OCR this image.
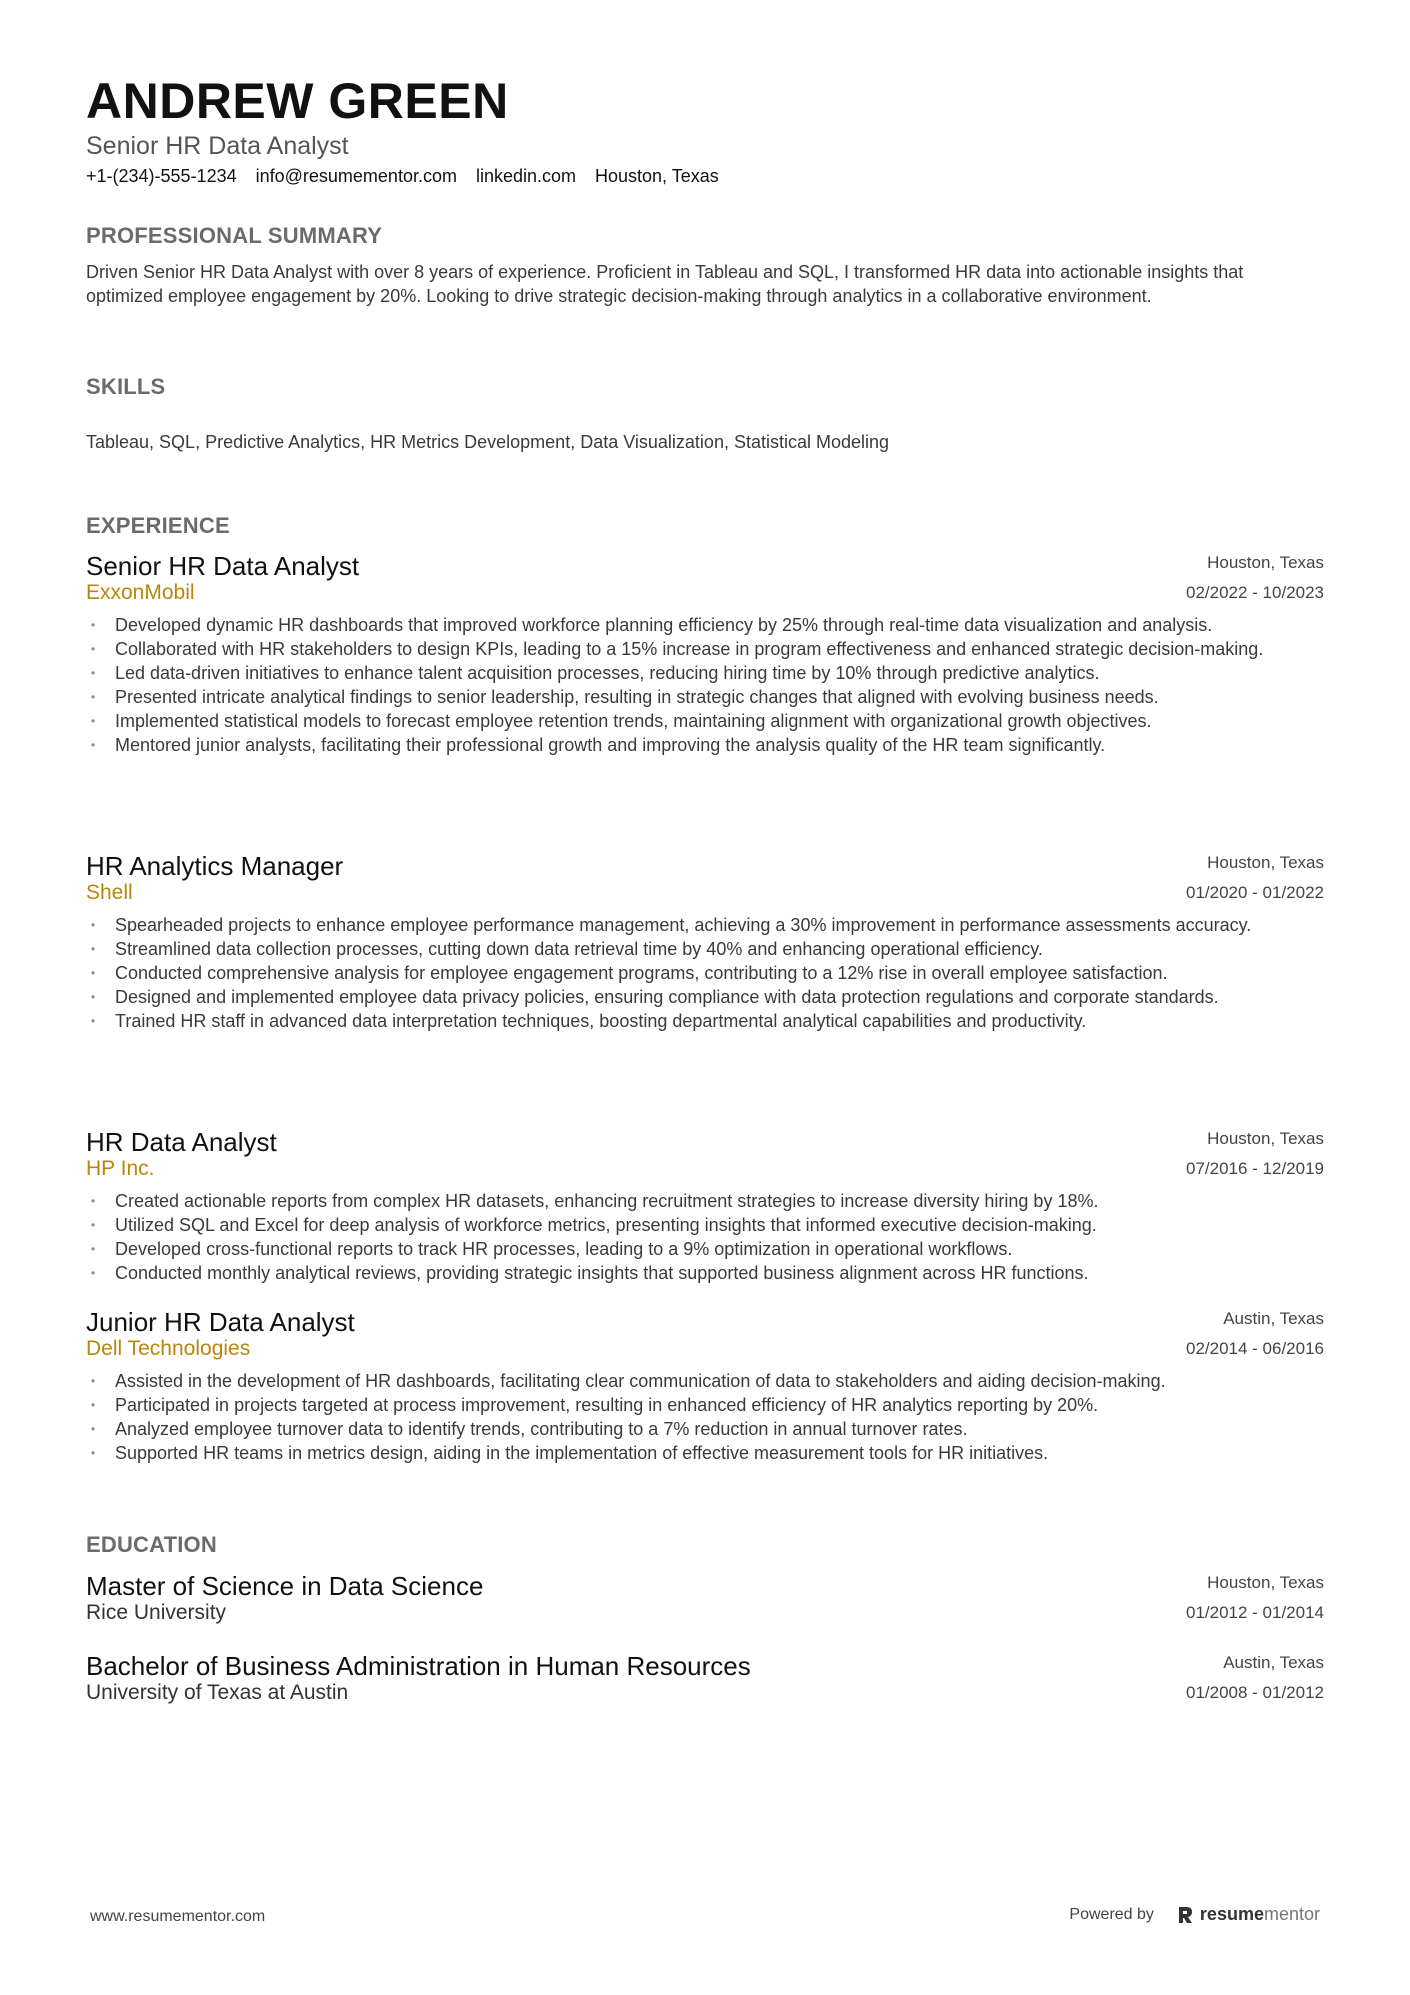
ANDREW GREEN
Senior HR Data Analyst
+1-(234)-555-1234 info@resumementor.com linkedin.com Houston, Texas
PROFESSIONAL SUMMARY
Driven Senior HR Data Analyst with over 8 years of experience. Proficient in Tableau and SQL, I transformed HR data into actionable insights that optimized employee engagement by 20%. Looking to drive strategic decision-making through analytics in a collaborative environment.
SKILLS
Tableau, SQL, Predictive Analytics, HR Metrics Development, Data Visualization, Statistical Modeling
EXPERIENCE
Senior HR Data Analyst
ExxonMobil
Houston, Texas
02/2022 - 10/2023
• Developed dynamic HR dashboards that improved workforce planning efficiency by 25% through real-time data visualization and analysis.
• Collaborated with HR stakeholders to design KPIs, leading to a 15% increase in program effectiveness and enhanced strategic decision-making.
• Led data-driven initiatives to enhance talent acquisition processes, reducing hiring time by 10% through predictive analytics.
• Presented intricate analytical findings to senior leadership, resulting in strategic changes that aligned with evolving business needs.
• Implemented statistical models to forecast employee retention trends, maintaining alignment with organizational growth objectives.
• Mentored junior analysts, facilitating their professional growth and improving the analysis quality of the HR team significantly.
HR Analytics Manager
Shell
Houston, Texas
01/2020 - 01/2022
• Spearheaded projects to enhance employee performance management, achieving a 30% improvement in performance assessments accuracy.
• Streamlined data collection processes, cutting down data retrieval time by 40% and enhancing operational efficiency.
• Conducted comprehensive analysis for employee engagement programs, contributing to a 12% rise in overall employee satisfaction.
• Designed and implemented employee data privacy policies, ensuring compliance with data protection regulations and corporate standards.
• Trained HR staff in advanced data interpretation techniques, boosting departmental analytical capabilities and productivity.
HR Data Analyst
HP Inc.
Houston, Texas
07/2016 - 12/2019
• Created actionable reports from complex HR datasets, enhancing recruitment strategies to increase diversity hiring by 18%.
• Utilized SQL and Excel for deep analysis of workforce metrics, presenting insights that informed executive decision-making.
• Developed cross-functional reports to track HR processes, leading to a 9% optimization in operational workflows.
• Conducted monthly analytical reviews, providing strategic insights that supported business alignment across HR functions.
Junior HR Data Analyst
Dell Technologies
Austin, Texas
02/2014 - 06/2016
• Assisted in the development of HR dashboards, facilitating clear communication of data to stakeholders and aiding decision-making.
• Participated in projects targeted at process improvement, resulting in enhanced efficiency of HR analytics reporting by 20%.
• Analyzed employee turnover data to identify trends, contributing to a 7% reduction in annual turnover rates.
• Supported HR teams in metrics design, aiding in the implementation of effective measurement tools for HR initiatives.
EDUCATION
Master of Science in Data Science
Rice University
Houston, Texas
01/2012 - 01/2014
Bachelor of Business Administration in Human Resources
University of Texas at Austin
Austin, Texas
01/2008 - 01/2012
www.resumementor.com	Powered by	resumementor
